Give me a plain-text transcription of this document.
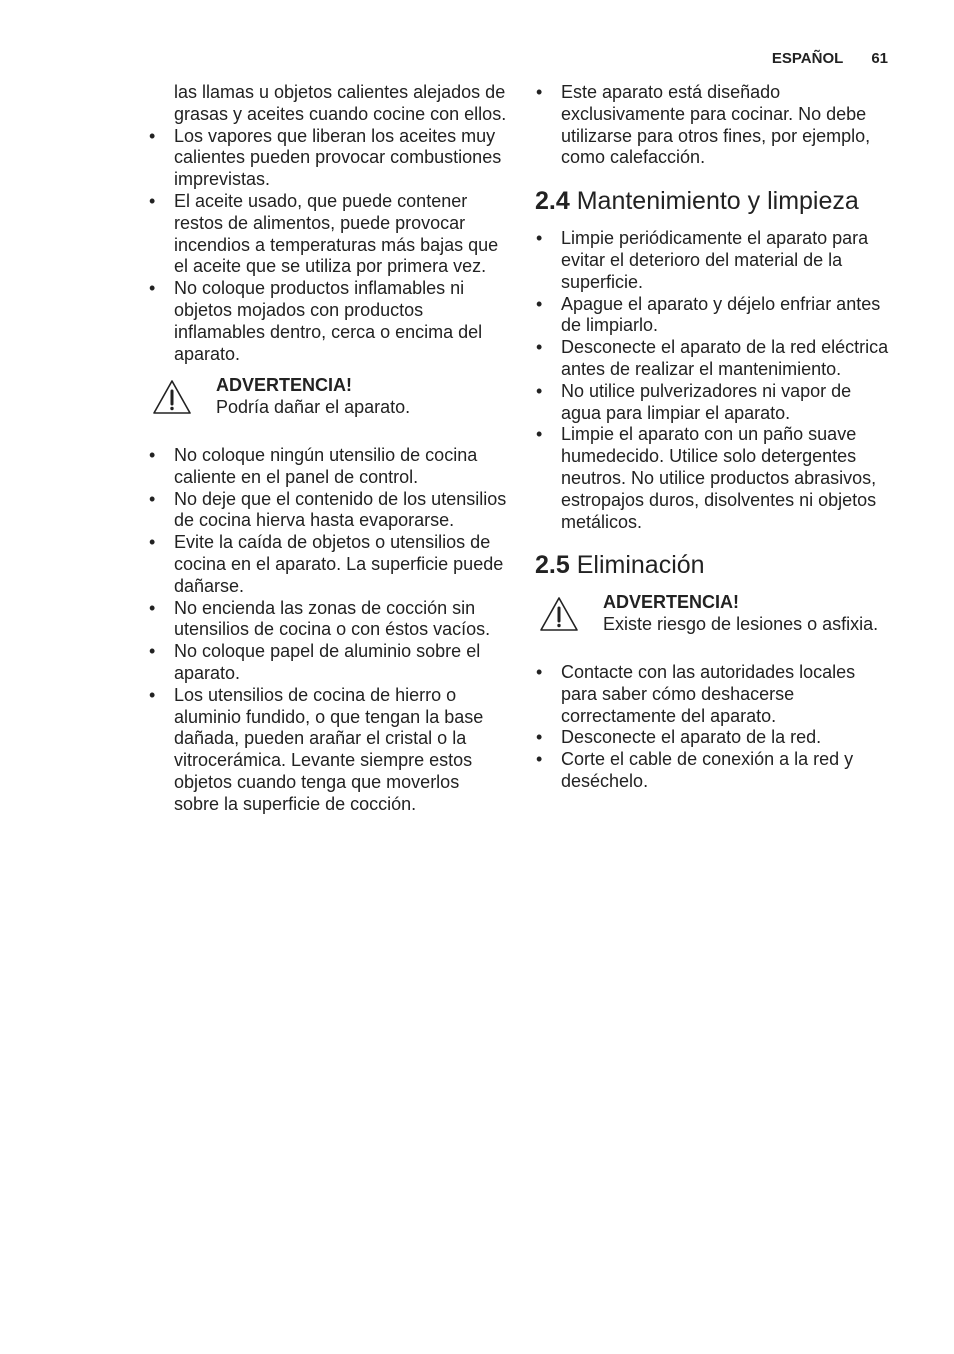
ESPAÑOL 61
las llamas u objetos calientes alejados de grasas y aceites cuando cocine con ellos.
• Los vapores que liberan los aceites muy calientes pueden provocar combustiones imprevistas.
• El aceite usado, que puede contener restos de alimentos, puede provocar incendios a temperaturas más bajas que el aceite que se utiliza por primera vez.
• No coloque productos inflamables ni objetos mojados con productos inflamables dentro, cerca o encima del aparato.
ADVERTENCIA!
Podría dañar el aparato.
• No coloque ningún utensilio de cocina caliente en el panel de control.
• No deje que el contenido de los utensilios de cocina hierva hasta evaporarse.
• Evite la caída de objetos o utensilios de cocina en el aparato. La superficie puede dañarse.
• No encienda las zonas de cocción sin utensilios de cocina o con éstos vacíos.
• No coloque papel de aluminio sobre el aparato.
• Los utensilios de cocina de hierro o aluminio fundido, o que tengan la base dañada, pueden arañar el cristal o la vitrocerámica. Levante siempre estos objetos cuando tenga que moverlos sobre la superficie de cocción.
• Este aparato está diseñado exclusivamente para cocinar. No debe utilizarse para otros fines, por ejemplo, como calefacción.
2.4 Mantenimiento y limpieza
• Limpie periódicamente el aparato para evitar el deterioro del material de la superficie.
• Apague el aparato y déjelo enfriar antes de limpiarlo.
• Desconecte el aparato de la red eléctrica antes de realizar el mantenimiento.
• No utilice pulverizadores ni vapor de agua para limpiar el aparato.
• Limpie el aparato con un paño suave humedecido. Utilice solo detergentes neutros. No utilice productos abrasivos, estropajos duros, disolventes ni objetos metálicos.
2.5 Eliminación
ADVERTENCIA!
Existe riesgo de lesiones o asfixia.
• Contacte con las autoridades locales para saber cómo deshacerse correctamente del aparato.
• Desconecte el aparato de la red.
• Corte el cable de conexión a la red y deséchelo.
